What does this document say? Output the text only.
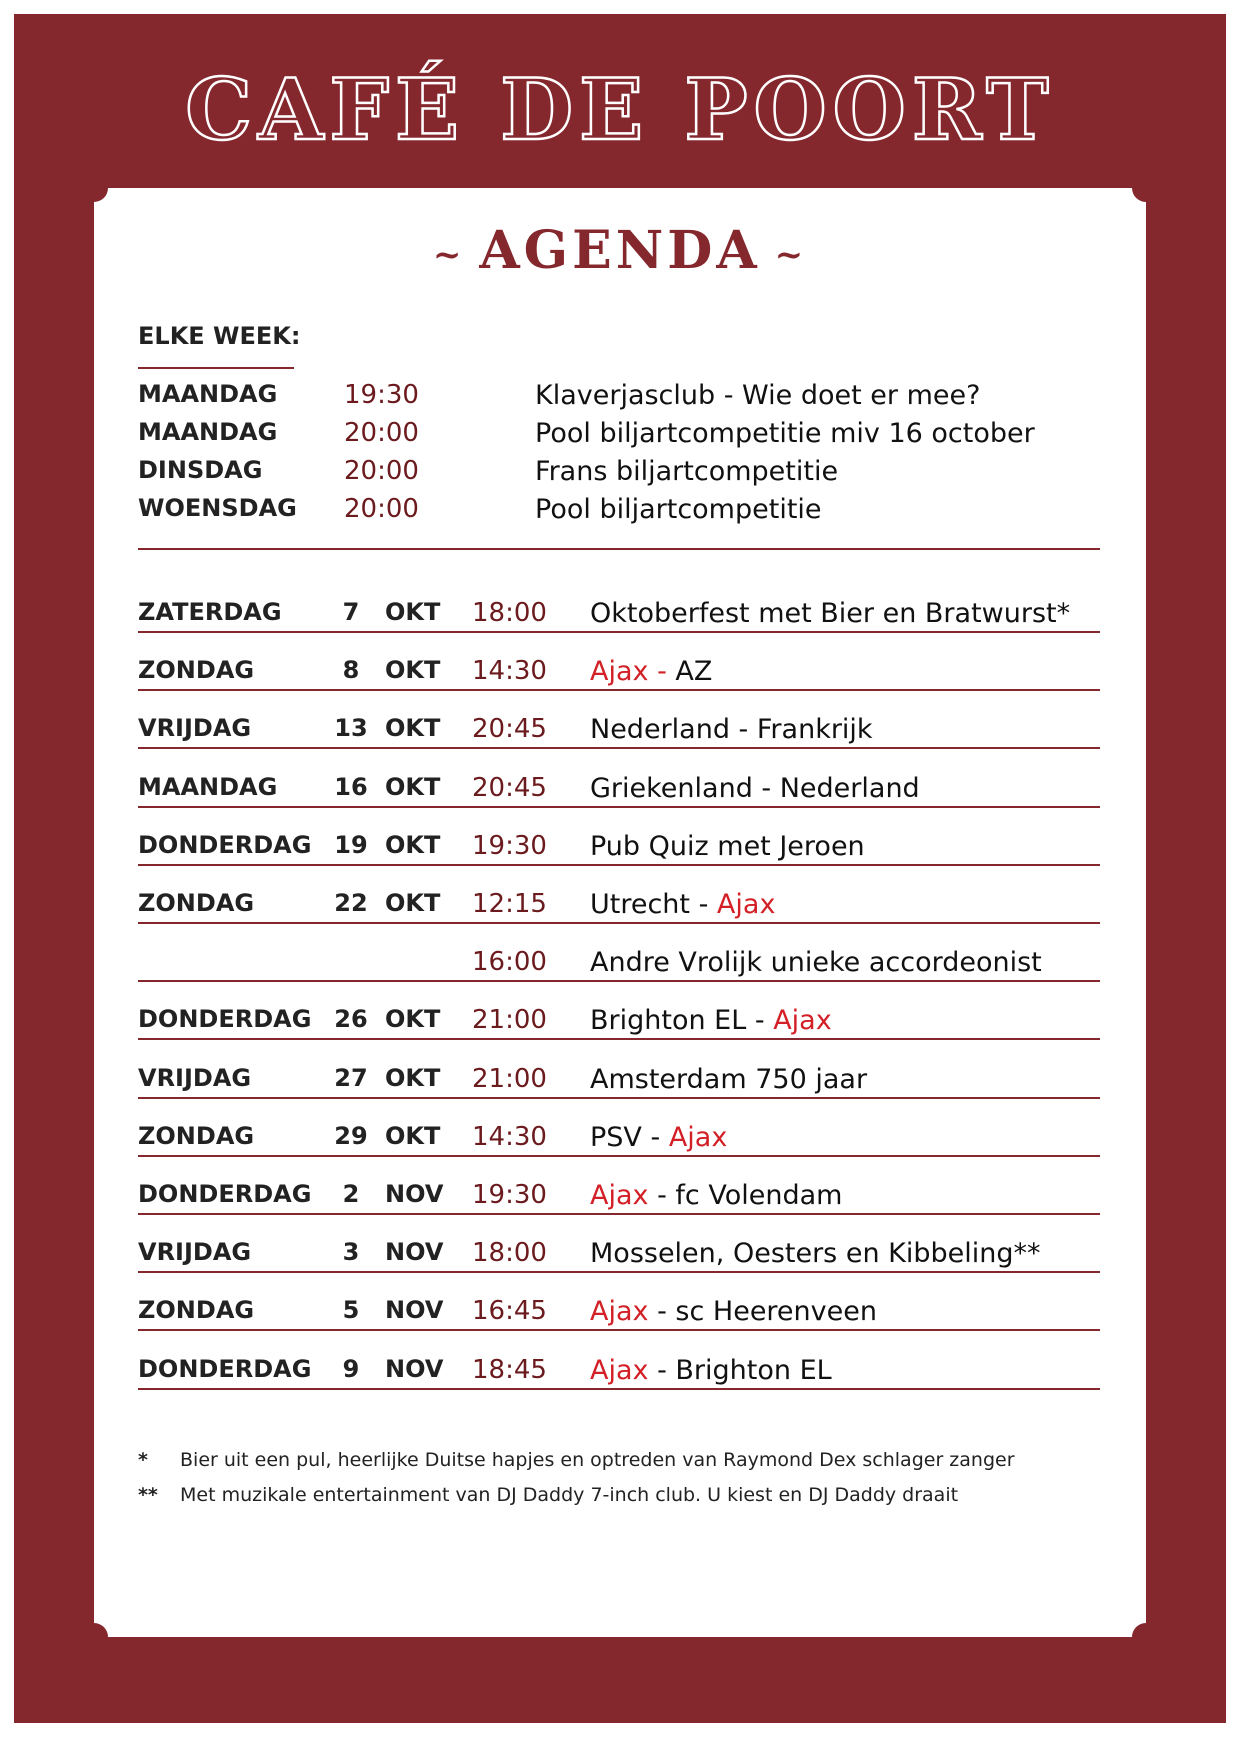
CAFÉ DE POORT
~ AGENDA ~
ELKE WEEK:
MAANDAG	19:30	Klaverjasclub - Wie doet er mee?
MAANDAG	20:00	Pool biljartcompetitie miv 16 october
DINSDAG	20:00	Frans biljartcompetitie
WOENSDAG 20:00	Pool biljartcompetitie
ZATERDAG	7	OKT 18:00 Oktoberfest met Bier en Bratwurst*
ZONDAG	8	OKT 14:30 Ajax - AZ
VRIJDAG	13 OKT 20:45 Nederland - Frankrijk
MAANDAG 16 OKT 20:45 Griekenland - Nederland
DONDERDAG 19 OKT 19:30 Pub Quiz met Jeroen
ZONDAG	22 OKT 12:15 Utrecht - Ajax
16:00 Andre Vrolijk unieke accordeonist
DONDERDAG 26 OKT 21:00 Brighton EL - Ajax
VRIJDAG	27 OKT 21:00 Amsterdam 750 jaar
ZONDAG	29 OKT 14:30 PSV - Ajax
DONDERDAG	2	NOV 19:30 Ajax - fc Volendam
VRIJDAG	3	NOV 18:00 Mosselen, Oesters en Kibbeling**
ZONDAG	5	NOV 16:45 Ajax - sc Heerenveen
DONDERDAG	9	NOV 18:45 Ajax - Brighton EL
* Bier uit een pul, heerlijke Duitse hapjes en optreden van Raymond Dex schlager zanger
** Met muzikale entertainment van DJ Daddy 7-inch club. U kiest en DJ Daddy draait
